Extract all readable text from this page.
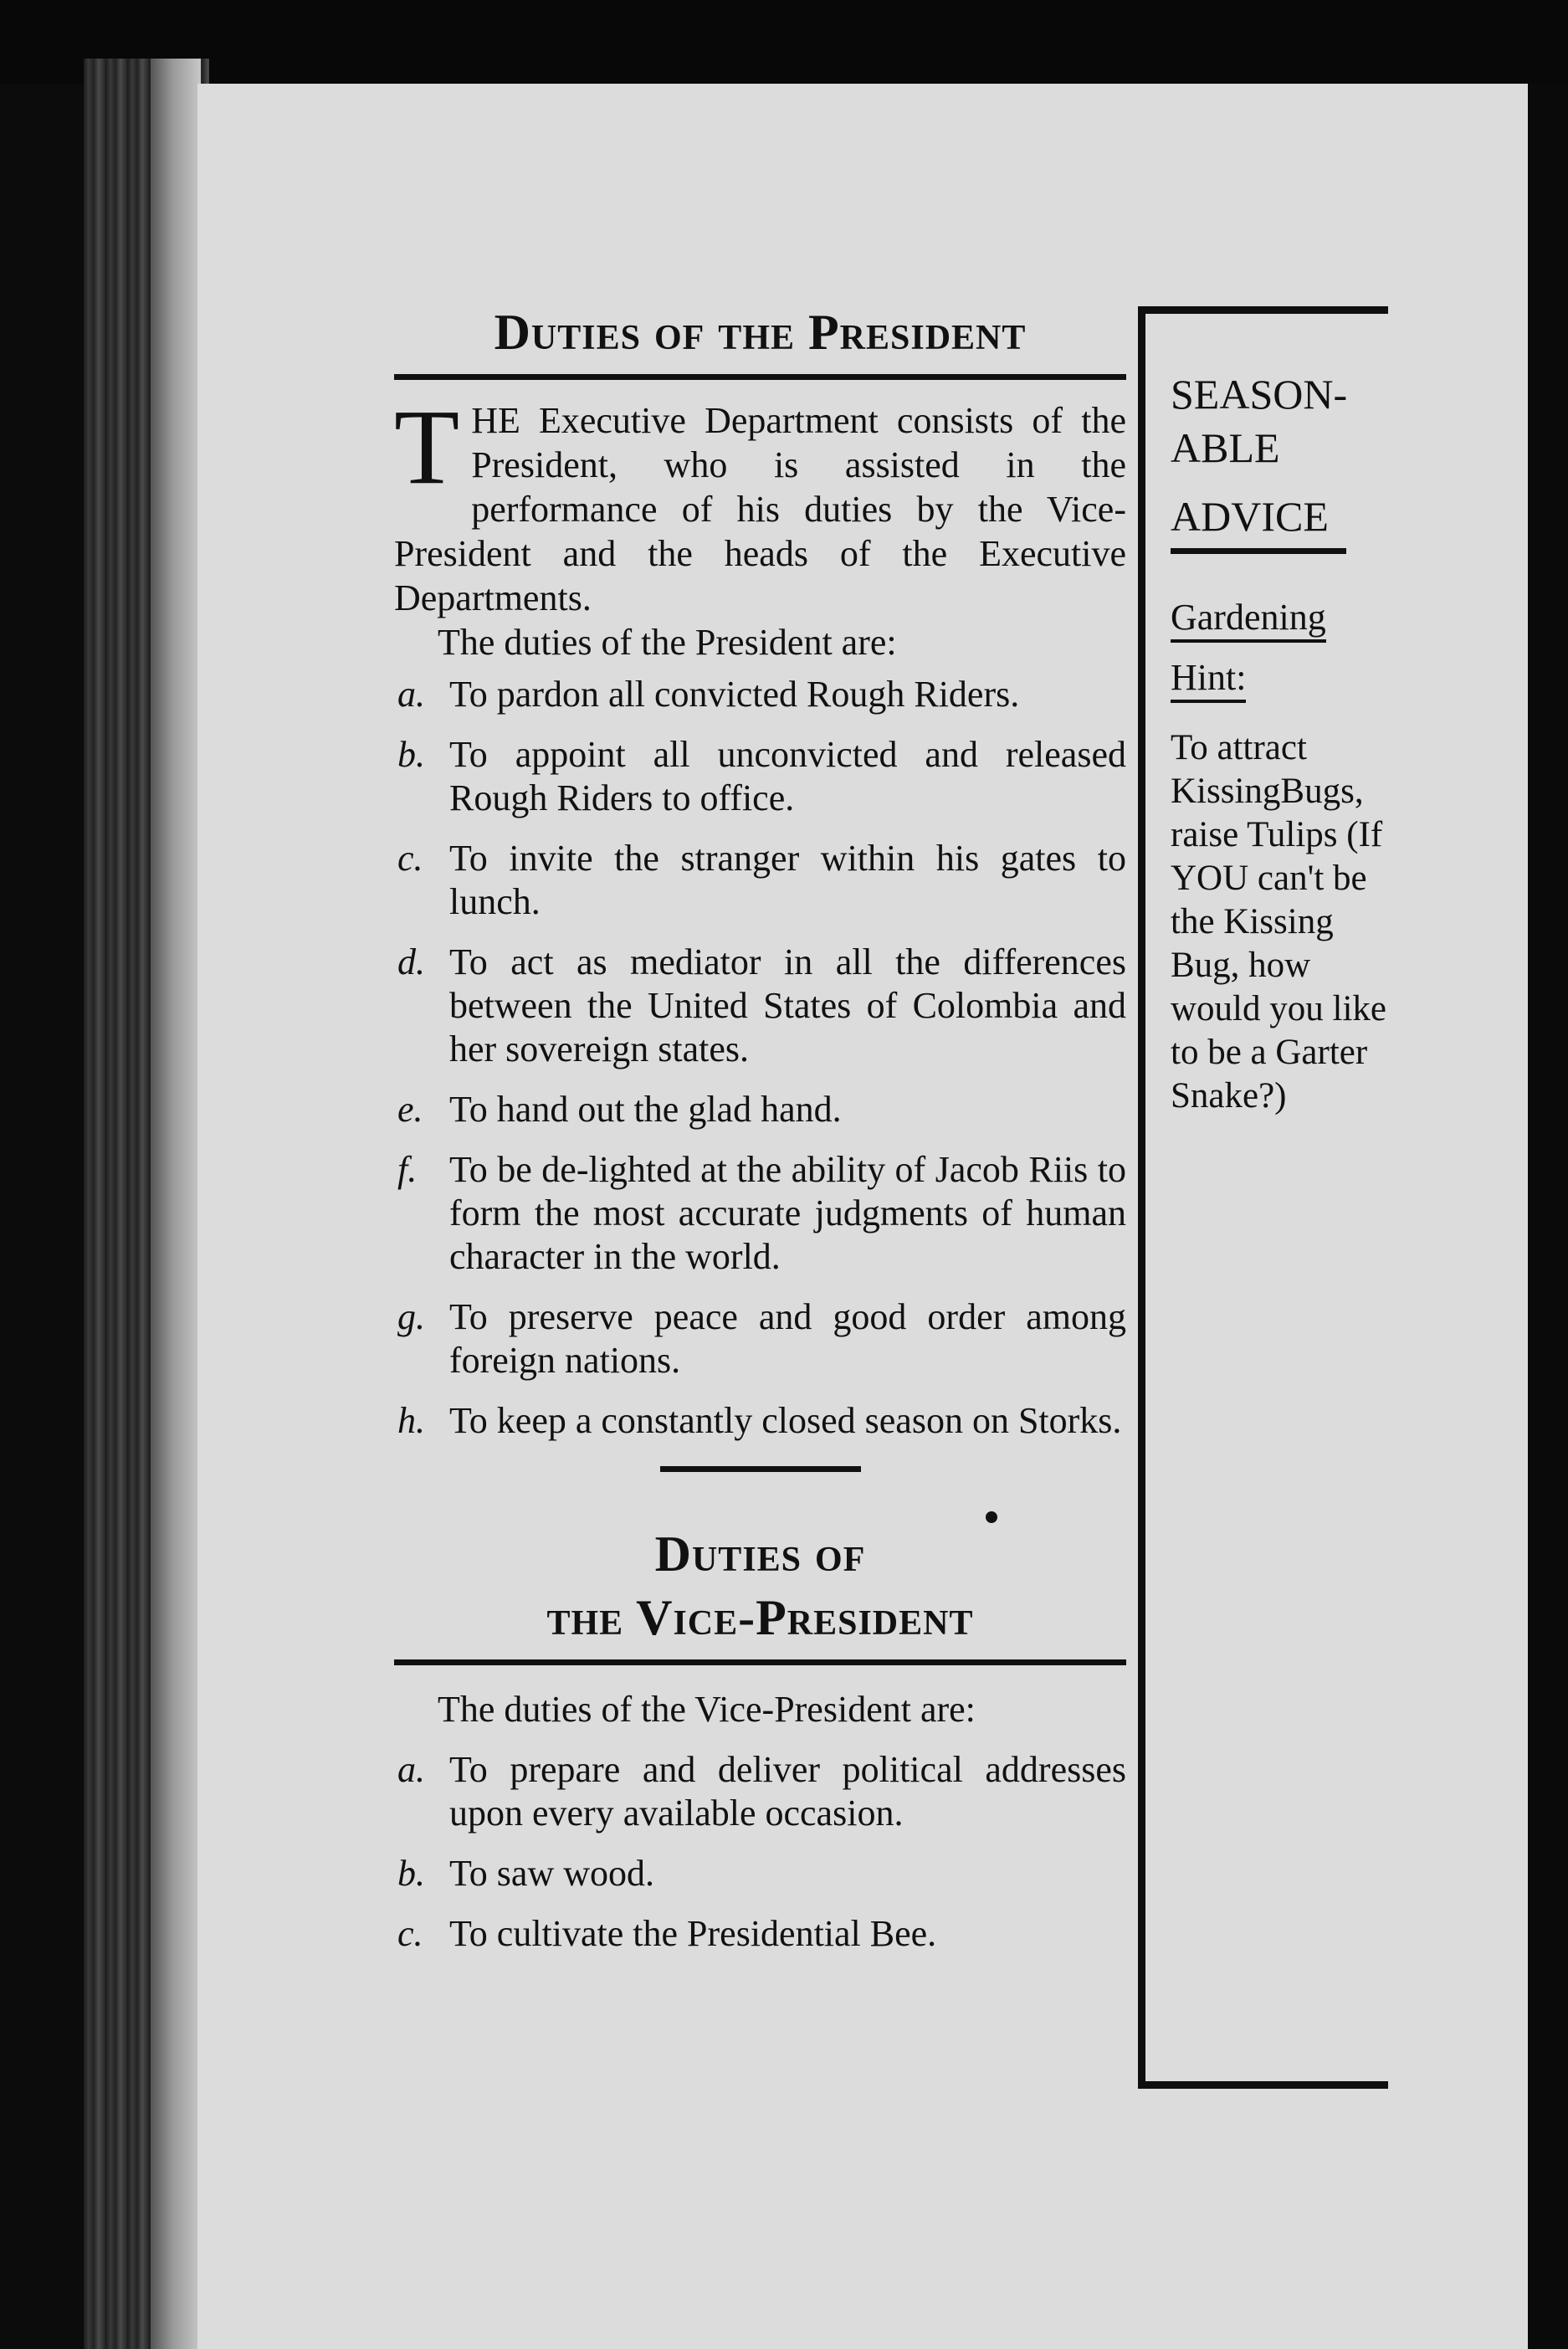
Duties of the President

T HE Executive Department consists of the President, who is assisted in the performance of his duties by the Vice-President and the heads of the Executive Departments.

The duties of the President are:

a. To pardon all convicted Rough Riders.
b. To appoint all unconvicted and released Rough Riders to office.
c. To invite the stranger within his gates to lunch.
d. To act as mediator in all the differences between the United States of Colombia and her sovereign states.
e. To hand out the glad hand.
f. To be de-lighted at the ability of Jacob Riis to form the most accurate judgments of human character in the world.
g. To preserve peace and good order among foreign nations.
h. To keep a constantly closed season on Storks.
Duties of
the Vice-President

The duties of the Vice-President are:

a. To prepare and deliver political addresses upon every available occasion.
b. To saw wood.
c. To cultivate the Presidential Bee.

SEASON-

ABLE

ADVICE

Gardening

Hint:

To attract KissingBugs, raise Tulips (If YOU can't be the Kissing Bug, how would you like to be a Garter Snake?)
